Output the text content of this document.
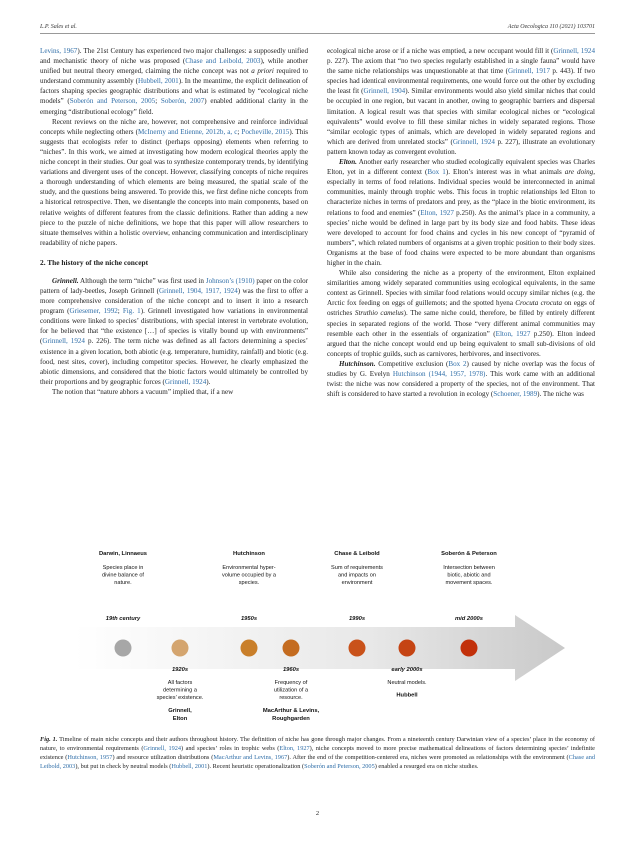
L.P. Sales et al.	Acta Oecologica 110 (2021) 103701

Levins, 1967). The 21st Century has experienced two major challenges: a supposedly unified and mechanistic theory of niche was proposed (Chase and Leibold, 2003), while another unified but neutral theory emerged, claiming the niche concept was not a priori required to understand community assembly (Hubbell, 2001). In the meantime, the explicit delineation of factors shaping species geographic distributions and what is estimated by “ecological niche models” (Soberón and Peterson, 2005; Soberón, 2007) enabled additional clarity in the emerging “distributional ecology” field.

Recent reviews on the niche are, however, not comprehensive and reinforce individual concepts while neglecting others (McInerny and Etienne, 2012b, a, c; Pocheville, 2015). This suggests that ecologists refer to distinct (perhaps opposing) elements when referring to “niches”. In this work, we aimed at investigating how modern ecological theories apply the niche concept in their studies. Our goal was to synthesize contemporary trends, by identifying variations and divergent uses of the concept. However, classifying concepts of niche requires a thorough understanding of which elements are being measured, the spatial scale of the study, and the questions being answered. To provide this, we first define niche concepts from a historical retrospective. Then, we disentangle the concepts into main components, based on relative weights of different features from the classic definitions. Rather than adding a new piece to the puzzle of niche definitions, we hope that this paper will allow researchers to situate themselves within a holistic overview, enhancing communication and interdisciplinary readability of niche papers.

2. The history of the niche concept

Grinnell. Although the term “niche” was first used in Johnson’s (1910) paper on the color pattern of lady-beetles, Joseph Grinnell (Grinnell, 1904, 1917, 1924) was the first to offer a more comprehensive consideration of the niche concept and to insert it into a research program (Griesemer, 1992; Fig. 1). Grinnell investigated how variations in environmental conditions were linked to species’ distributions, with special interest in vertebrate evolution, for he believed that “the existence […] of species is vitally bound up with environments” (Grinnell, 1924 p. 226). The term niche was defined as all factors determining a species’ existence in a given location, both abiotic (e.g. temperature, humidity, rainfall) and biotic (e.g. food, nest sites, cover), including competitor species. However, he clearly emphasized the abiotic dimensions, and considered that the biotic factors would ultimately be controlled by their proportions and by geographic forces (Grinnell, 1924).

The notion that “nature abhors a vacuum” implied that, if a new

ecological niche arose or if a niche was emptied, a new occupant would fill it (Grinnell, 1924 p. 227). The axiom that “no two species regularly established in a single fauna” would have the same niche relationships was unquestionable at that time (Grinnell, 1917 p. 443). If two species had identical environmental requirements, one would force out the other by excluding the least fit (Grinnell, 1904). Similar environments would also yield similar niches that could be occupied in one region, but vacant in another, owing to geographic barriers and dispersal limitation. A logical result was that species with similar ecological niches or “ecological equivalents” would evolve to fill these similar niches in widely separated regions. Those “similar ecologic types of animals, which are developed in widely separated regions and which are derived from unrelated stocks” (Grinnell, 1924 p. 227), illustrate an evolutionary pattern known today as convergent evolution.

Elton. Another early researcher who studied ecologically equivalent species was Charles Elton, yet in a different context (Box 1). Elton’s interest was in what animals are doing, especially in terms of food relations. Individual species would be interconnected in animal communities, mainly through trophic webs. This focus in trophic relationships led Elton to characterize niches in terms of predators and prey, as the “place in the biotic environment, its relations to food and enemies” (Elton, 1927 p.250). As the animal’s place in a community, a species’ niche would be defined in large part by its body size and food habits. These ideas were developed to account for food chains and cycles in his new concept of “pyramid of numbers”, which related numbers of organisms at a given trophic position to their body sizes. Organisms at the base of food chains were expected to be more abundant than organisms higher in the chain.

While also considering the niche as a property of the environment, Elton explained similarities among widely separated communities using ecological equivalents, in the same context as Grinnell. Species with similar food relations would occupy similar niches (e.g. the Arctic fox feeding on eggs of guillemots; and the spotted hyena Crocuta crocuta on eggs of ostriches Struthio camelus). The same niche could, therefore, be filled by entirely different species in separated regions of the world. Those “very different animal communities may resemble each other in the essentials of organization” (Elton, 1927 p.250). Elton indeed argued that the niche concept would end up being equivalent to small sub-divisions of old concepts of trophic guilds, such as carnivores, herbivores, and insectivores.

Hutchinson. Competitive exclusion (Box 2) caused by niche overlap was the focus of studies by G. Evelyn Hutchinson (1944, 1957, 1978). This work came with an additional twist: the niche was now considered a property of the species, not of the environment. That shift is considered to have started a revolution in ecology (Schoener, 1989). The niche was

Darwin, Linnaeus
Species place in
divine balance of
nature.
19th century
Hutchinson
Environmental hyper-
volume occupied by a
species.
1950s
Chase & Leibold
Sum of requirements
and impacts on
environment
1990s
Soberón & Peterson
Intersection between
biotic, abiotic and
movement spaces.
mid 2000s
1920s
All factors
determining a
species’ existence.
Grinnell,
Elton
1960s
Frequency of
utilization of a
resource.
MacArthur & Levins,
Roughgarden
early 2000s
Neutral models.
Hubbell
Fig. 1. Timeline of main niche concepts and their authors throughout history. The definition of niche has gone through major changes. From a nineteenth century Darwinian view of a species’ place in the economy of nature, to environmental requirements (Grinnell, 1924) and species’ roles in trophic webs (Elton, 1927), niche concepts moved to more precise mathematical delineations of factors determining species’ indefinite existence (Hutchinson, 1957) and resource utilization distributions (MacArthur and Levins, 1967). After the end of the competition-centered era, niches were promoted as relationships with the environment (Chase and Leibold, 2003), but put in check by neutral models (Hubbell, 2001). Recent heuristic operationalization (Soberón and Peterson, 2005) enabled a resurged era on niche studies.
2
